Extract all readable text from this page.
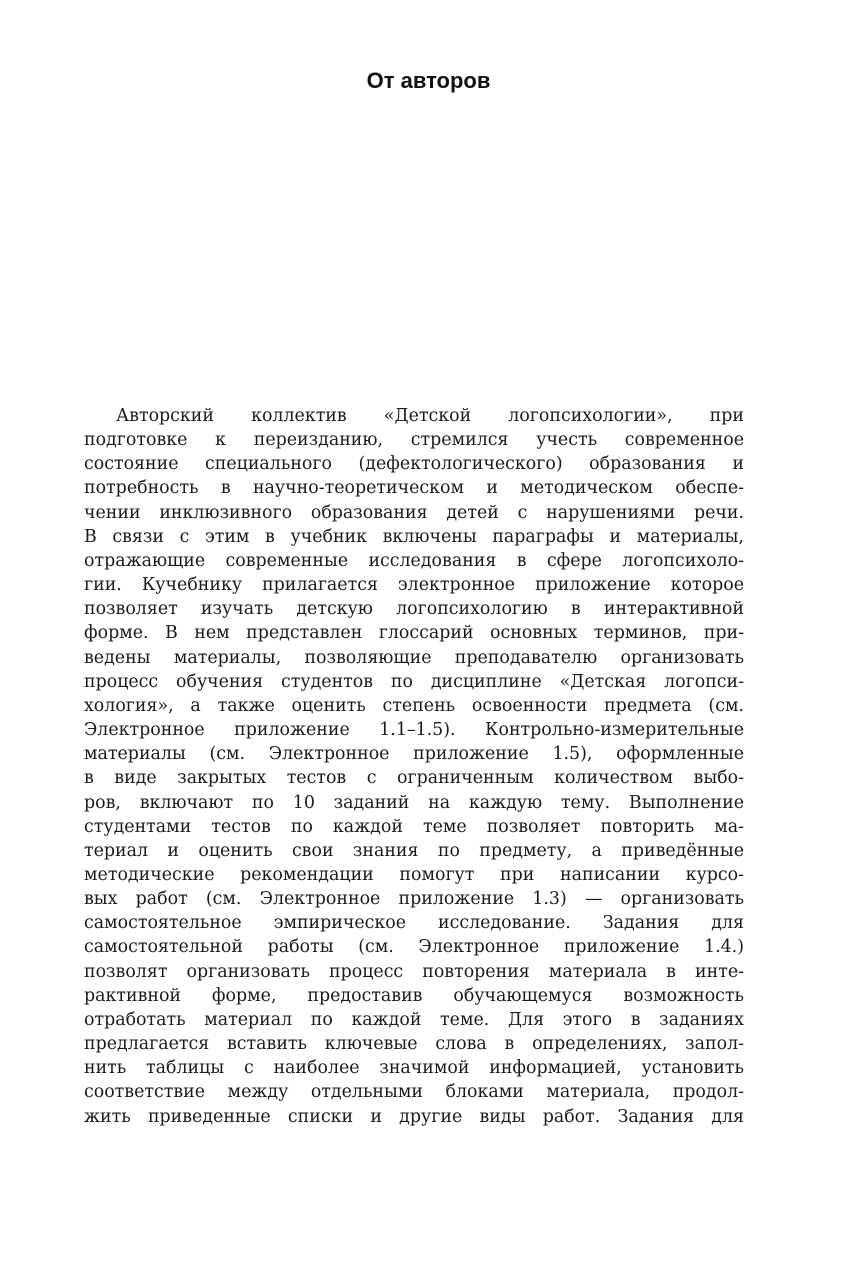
От авторов
Авторский коллектив «Детской логопсихологии», при
подготовке к переизданию, стремился учесть современное
состояние специального (дефектологического) образования и
потребность в научно-теоретическом и методическом обеспе-
чении инклюзивного образования детей с нарушениями речи.
В связи с этим в учебник включены параграфы и материалы,
отражающие современные исследования в сфере логопсихоло-
гии. Кучебнику прилагается электронное приложение которое
позволяет изучать детскую логопсихологию в интерактивной
форме. В нем представлен глоссарий основных терминов, при-
ведены материалы, позволяющие преподавателю организовать
процесс обучения студентов по дисциплине «Детская логопси-
хология», а также оценить степень освоенности предмета (см.
Электронное приложение 1.1–1.5). Контрольно-измерительные
материалы (см. Электронное приложение 1.5), оформленные
в виде закрытых тестов с ограниченным количеством выбо-
ров, включают по 10 заданий на каждую тему. Выполнение
студентами тестов по каждой теме позволяет повторить ма-
териал и оценить свои знания по предмету, а приведённые
методические рекомендации помогут при написании курсо-
вых работ (см. Электронное приложение 1.3) — организовать
самостоятельное эмпирическое исследование. Задания для
самостоятельной работы (см. Электронное приложение 1.4.)
позволят организовать процесс повторения материала в инте-
рактивной форме, предоставив обучающемуся возможность
отработать материал по каждой теме. Для этого в заданиях
предлагается вставить ключевые слова в определениях, запол-
нить таблицы с наиболее значимой информацией, установить
соответствие между отдельными блоками материала, продол-
жить приведенные списки и другие виды работ. Задания для
